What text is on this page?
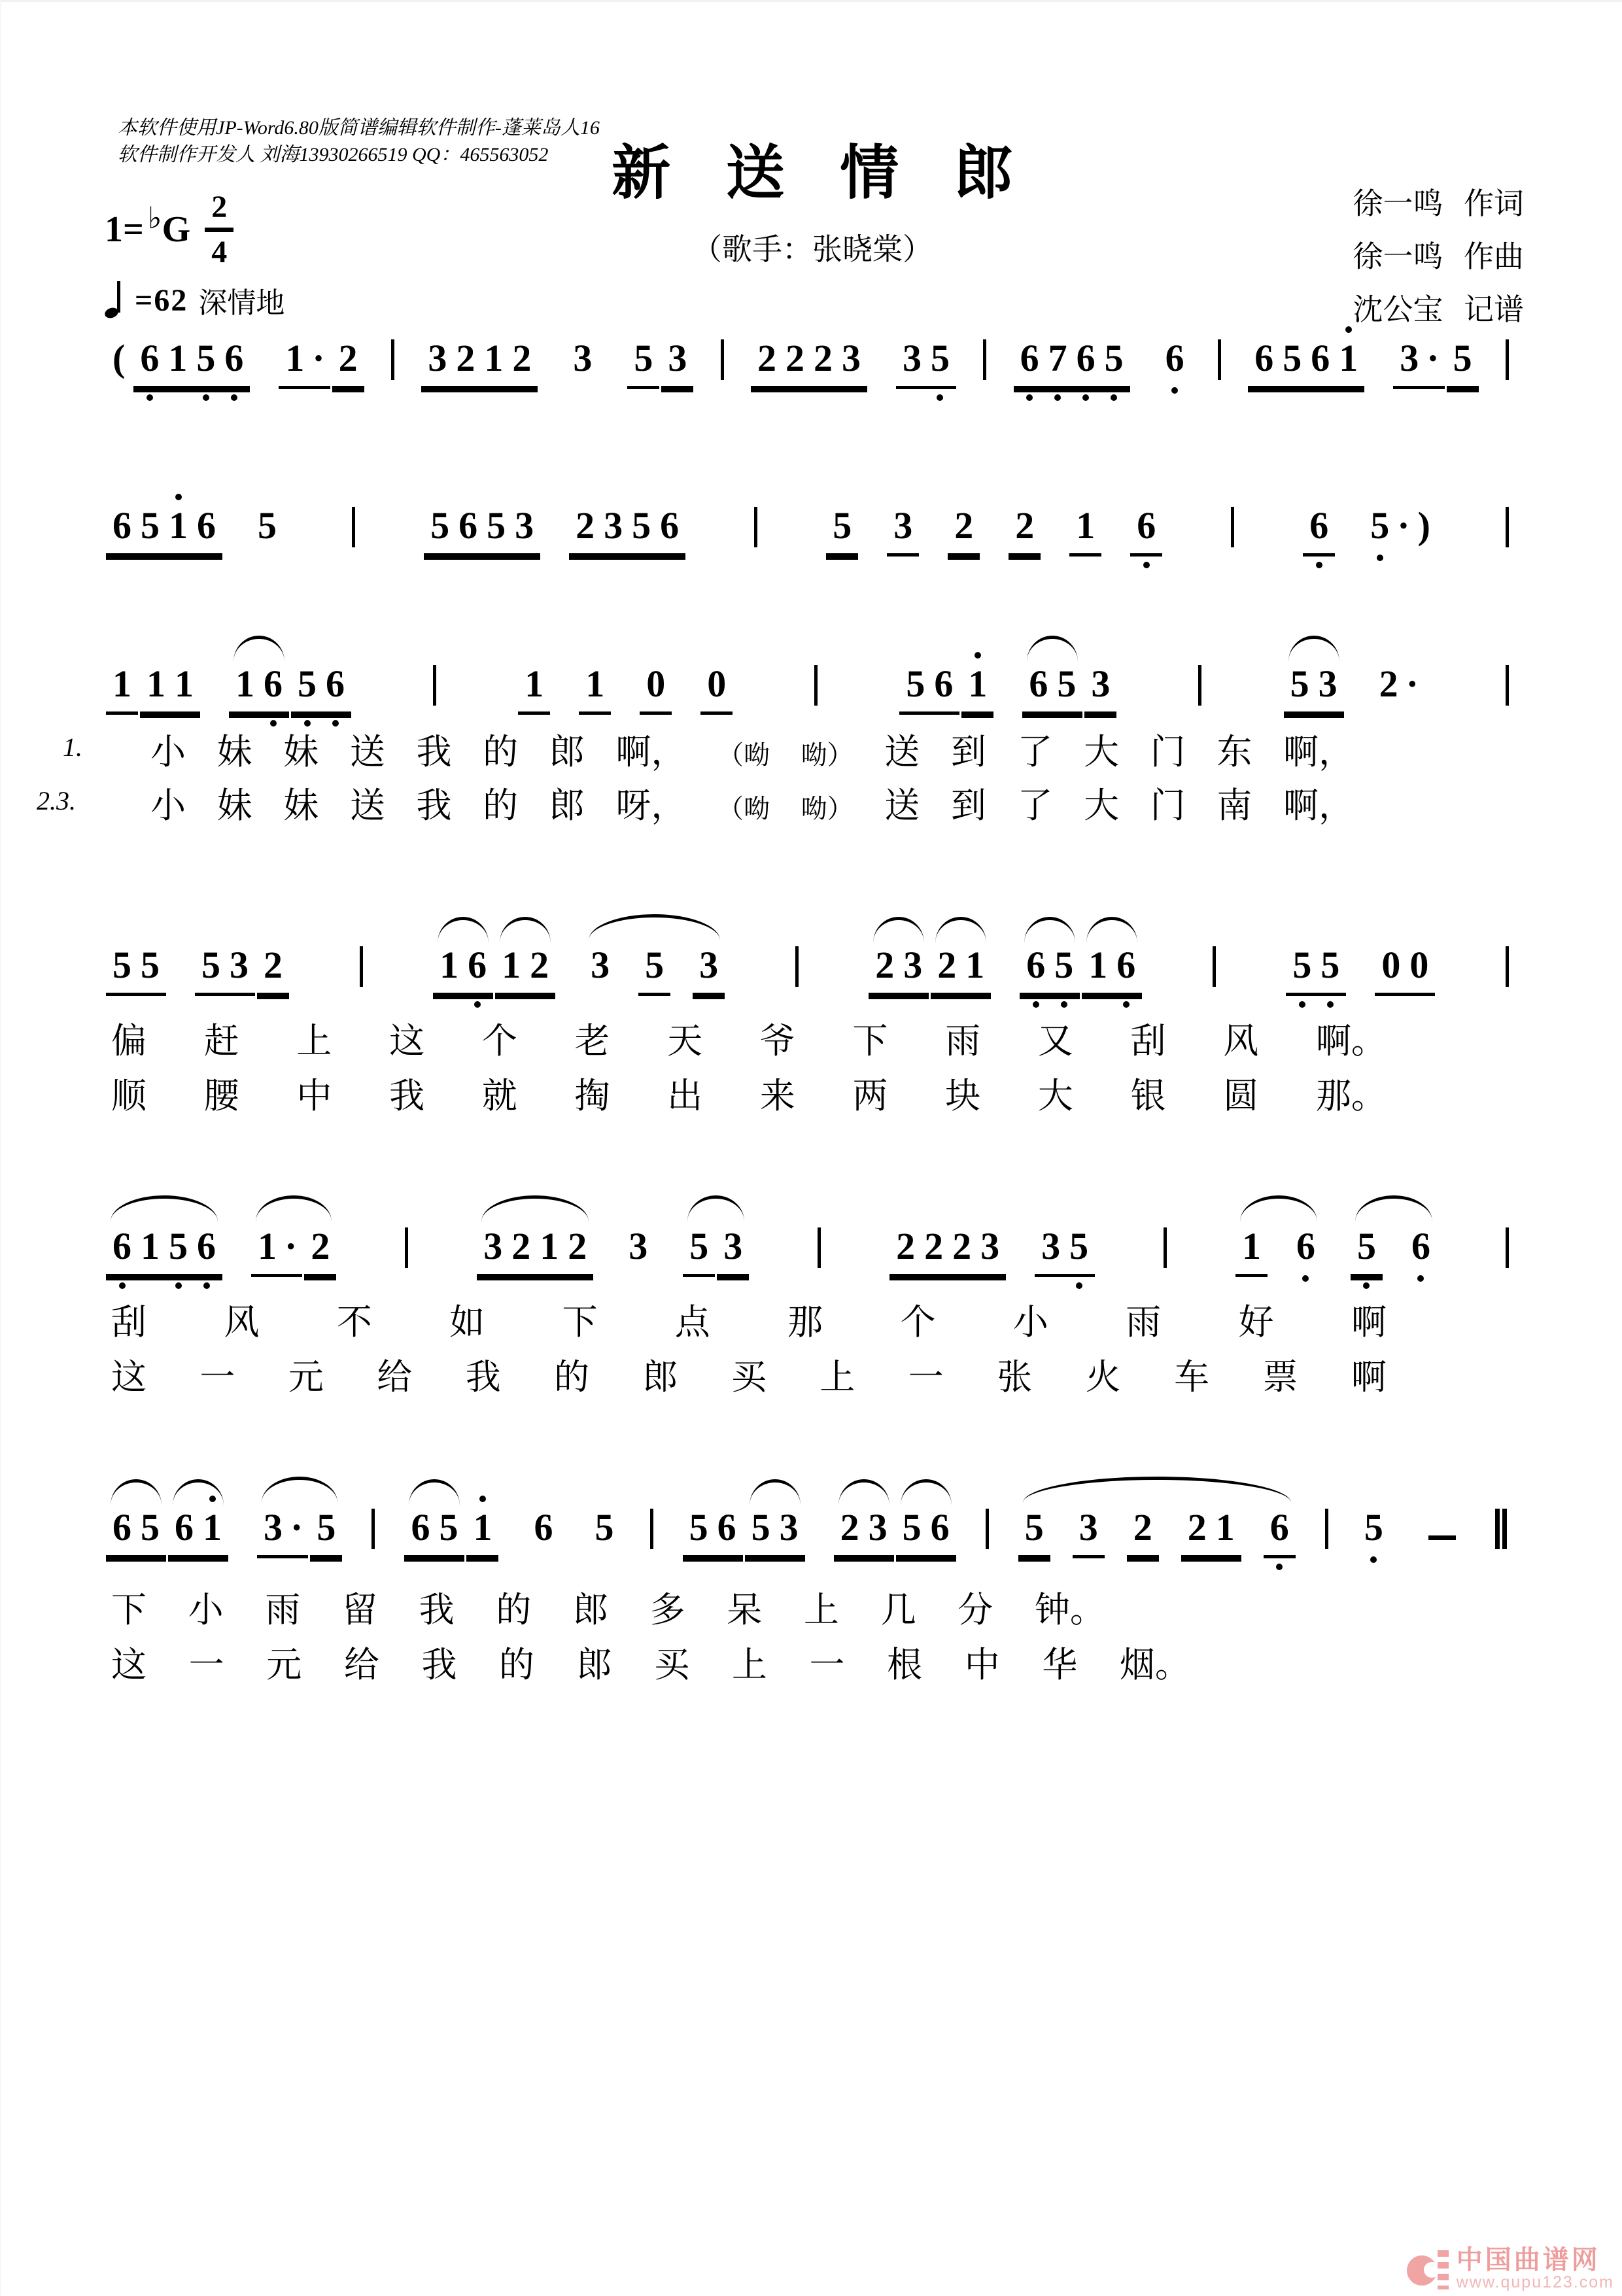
本软件使用JP-Word6.80版简谱编辑软件制作-蓬莱岛人16
软件制作开发人 刘海13930266519 QQ：465563052	新 送 情 郎
（歌手：张晓棠）
徐一鸣 作词
徐一鸣 作曲
沈公宝 记谱
1= ♭ G $\frac{2}{4}$
=62 深情地
( 6 1 5 6 1 · 2 3 2 1 2 3 5 3 2 2 2 3 3 5 6 7 6 5 6 6 5 6 1 3 · 5
6 5 1 6 5	5 6 5 3 2 3 5 6	5 3 2 2 1 6	6 5 · )
1 1 1 1 6 5 6	1 1 0 0	5 6 1 6 5 3	5 3 2 ·
5 5 5 3 2	1 6 1 2 3 5 3	2 3 2 1 6 5 1 6	5 5 0 0
6 1 5 6 1 · 2	3 2 1 2 3 5 3	2 2 2 3 3 5	1 6 5 6
6 5 6 1 3 · 5 6 5 1 6 5 5 6 5 3 2 3 5 6 5 3 2 2 1 6 5
1. 小 妹 妹 送 我 的 郎 啊， （呦 呦） 送 到 了 大 门 东 啊，
2.3. 小 妹 妹 送 我 的 郎 呀， （呦 呦） 送 到 了 大 门 南 啊，
偏 赶 上 这 个 老 天 爷 下 雨 又 刮 风 啊。
顺 腰 中 我 就 掏 出 来 两 块 大 银 圆 那。
刮 风 不 如 下 点 那 个 小 雨 好 啊
这 一 元 给 我 的 郎 买 上 一 张 火 车 票 啊
下 小 雨 留 我 的 郎 多 呆 上 几 分 钟。
这 一 元 给 我 的 郎 买 上 一 根 中 华 烟。
中国曲谱网
www.qupu123.com
